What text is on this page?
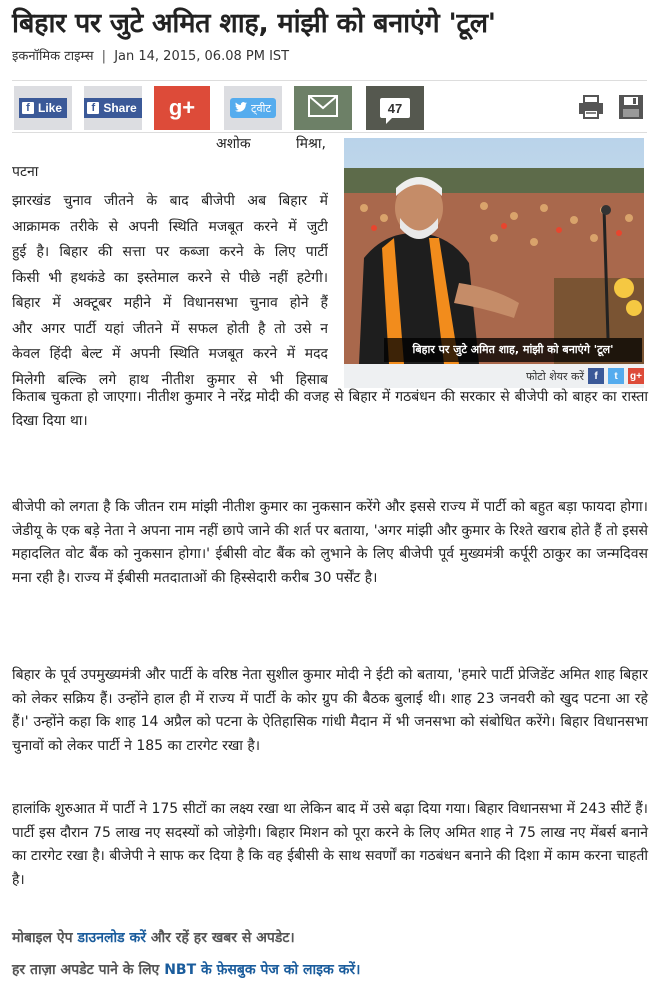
बिहार पर जुटे अमित शाह, मांझी को बनाएंगे 'टूल'
इकनॉमिक टाइम्स | Jan 14, 2015, 06.08 PM IST
f Like	f Share g+	ट्वीट	47
अशोक	मिश्रा,
पटना
बिहार पर जुटे अमित शाह, मांझी को बनाएंगे 'टूल'
फोटो शेयर करें	f	t	g+
झारखंड चुनाव जीतने के बाद बीजेपी अब बिहार में
आक्रामक तरीके से अपनी स्थिति मजबूत करने में जुटी
हुई है। बिहार की सत्ता पर कब्जा करने के लिए पार्टी
किसी भी हथकंडे का इस्तेमाल करने से पीछे नहीं हटेगी।
बिहार में अक्टूबर महीने में विधानसभा चुनाव होने हैं
और अगर पार्टी यहां जीतने में सफल होती है तो उसे न
केवल हिंदी बेल्ट में अपनी स्थिति मजबूत करने में मदद
मिलेगी बल्कि लगे हाथ नीतीश कुमार से भी हिसाब

किताब चुकता हो जाएगा। नीतीश कुमार ने नरेंद्र मोदी की वजह से बिहार में गठबंधन की सरकार से बीजेपी को बाहर का रास्ता दिखा दिया था।

बीजेपी को लगता है कि जीतन राम मांझी नीतीश कुमार का नुकसान करेंगे और इससे राज्य में पार्टी को बहुत बड़ा फायदा होगा। जेडीयू के एक बड़े नेता ने अपना नाम नहीं छापे जाने की शर्त पर बताया, 'अगर मांझी और कुमार के रिश्ते खराब होते हैं तो इससे महादलित वोट बैंक को नुकसान होगा।' ईबीसी वोट बैंक को लुभाने के लिए बीजेपी पूर्व मुख्यमंत्री कर्पूरी ठाकुर का जन्मदिवस मना रही है। राज्य में ईबीसी मतदाताओं की हिस्सेदारी करीब 30 पर्सेंट है।

बिहार के पूर्व उपमुख्यमंत्री और पार्टी के वरिष्ठ नेता सुशील कुमार मोदी ने ईटी को बताया, 'हमारे पार्टी प्रेजिडेंट अमित शाह बिहार को लेकर सक्रिय हैं। उन्होंने हाल ही में राज्य में पार्टी के कोर ग्रुप की बैठक बुलाई थी। शाह 23 जनवरी को खुद पटना आ रहे हैं।' उन्होंने कहा कि शाह 14 अप्रैल को पटना के ऐतिहासिक गांधी मैदान में भी जनसभा को संबोधित करेंगे। बिहार विधानसभा चुनावों को लेकर पार्टी ने 185 का टारगेट रखा है।

हालांकि शुरुआत में पार्टी ने 175 सीटों का लक्ष्य रखा था लेकिन बाद में उसे बढ़ा दिया गया। बिहार विधानसभा में 243 सीटें हैं। पार्टी इस दौरान 75 लाख नए सदस्यों को जोड़ेगी। बिहार मिशन को पूरा करने के लिए अमित शाह ने 75 लाख नए मेंबर्स बनाने का टारगेट रखा है। बीजेपी ने साफ कर दिया है कि वह ईबीसी के साथ सवर्णों का गठबंधन बनाने की दिशा में काम करना चाहती है।

मोबाइल ऐप डाउनलोड करें और रहें हर खबर से अपडेट।
हर ताज़ा अपडेट पाने के लिए NBT के फ़ेसबुक पेज को लाइक करें।
